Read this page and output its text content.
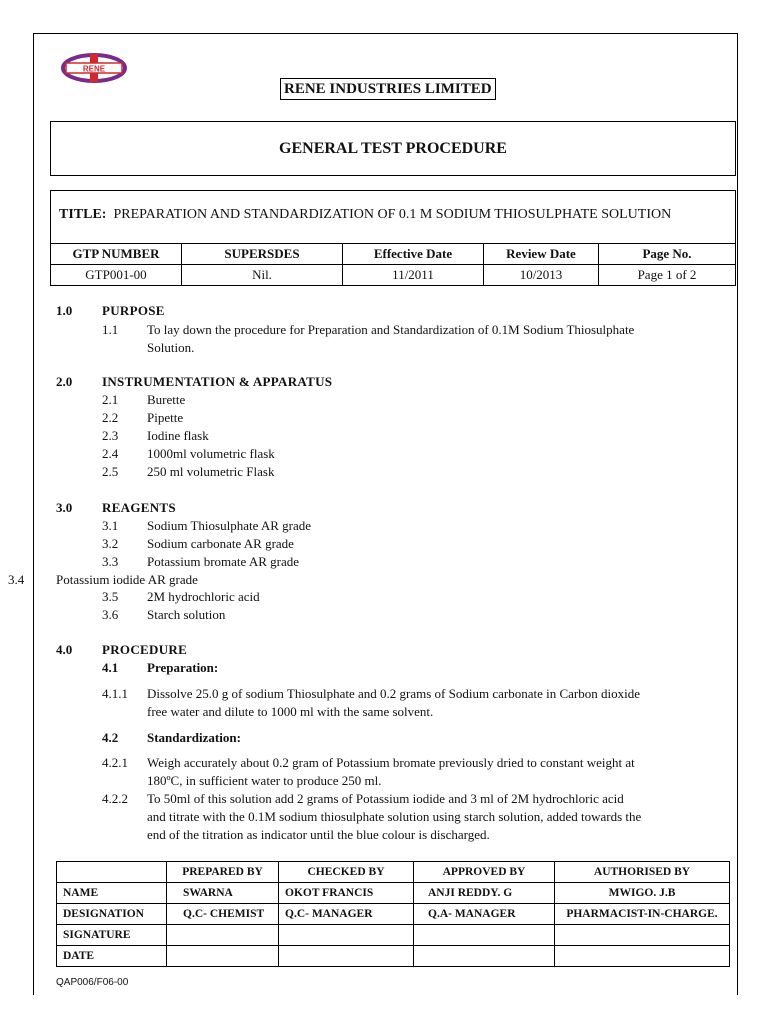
RENE
RENE INDUSTRIES LIMITED
GENERAL TEST PROCEDURE
TITLE: PREPARATION AND STANDARDIZATION OF 0.1 M SODIUM THIOSULPHATE SOLUTION
GTP NUMBER	SUPERSDES	Effective Date	Review Date	Page No.
GTP001-00	Nil.	11/2011	10/2013	Page 1 of 2
1.0 PURPOSE
1.1 To lay down the procedure for Preparation and Standardization of 0.1M Sodium Thiosulphate
Solution.
2.0 INSTRUMENTATION & APPARATUS
2.1 Burette
2.2 Pipette
2.3 Iodine flask
2.4 1000ml volumetric flask
2.5 250 ml volumetric Flask
3.0 REAGENTS
3.1 Sodium Thiosulphate AR grade
3.2 Sodium carbonate AR grade
3.3 Potassium bromate AR grade
3.4 Potassium iodide AR grade
3.5 2M hydrochloric acid
3.6 Starch solution
4.0 PROCEDURE
4.1 Preparation:
4.1.1 Dissolve 25.0 g of sodium Thiosulphate and 0.2 grams of Sodium carbonate in Carbon dioxide
free water and dilute to 1000 ml with the same solvent.
4.2 Standardization:
4.2.1 Weigh accurately about 0.2 gram of Potassium bromate previously dried to constant weight at
180ºC, in sufficient water to produce 250 ml.
4.2.2 To 50ml of this solution add 2 grams of Potassium iodide and 3 ml of 2M hydrochloric acid
and titrate with the 0.1M sodium thiosulphate solution using starch solution, added towards the
end of the titration as indicator until the blue colour is discharged.
	PREPARED BY	CHECKED BY	APPROVED BY	AUTHORISED BY
NAME	SWARNA	OKOT FRANCIS	ANJI REDDY. G	MWIGO. J.B
DESIGNATION	Q.C- CHEMIST	Q.C- MANAGER	Q.A- MANAGER	PHARMACIST-IN-CHARGE.
SIGNATURE				
DATE				
QAP006/F06-00
